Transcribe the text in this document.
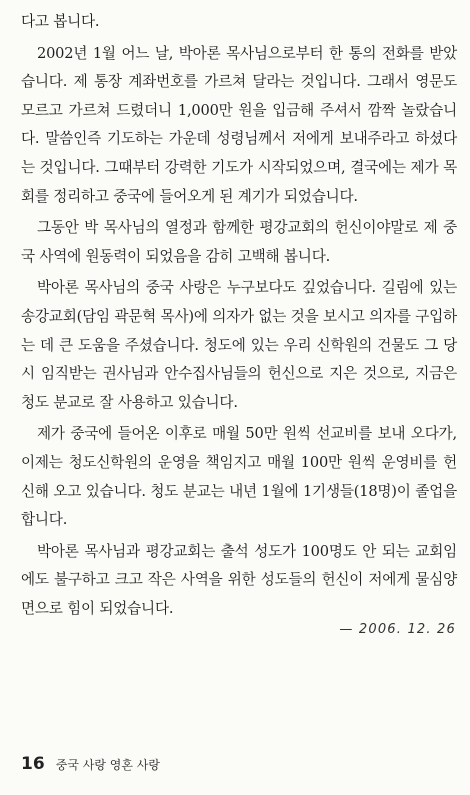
다고 봅니다.

2002년 1월 어느 날, 박아론 목사님으로부터 한 통의 전화를 받았습니다. 제 통장 계좌번호를 가르쳐 달라는 것입니다. 그래서 영문도 모르고 가르쳐 드렸더니 1,000만 원을 입금해 주셔서 깜짝 놀랐습니다. 말씀인즉 기도하는 가운데 성령님께서 저에게 보내주라고 하셨다는 것입니다. 그때부터 강력한 기도가 시작되었으며, 결국에는 제가 목회를 정리하고 중국에 들어오게 된 계기가 되었습니다.

그동안 박 목사님의 열정과 함께한 평강교회의 헌신이야말로 제 중국 사역에 원동력이 되었음을 감히 고백해 봅니다.

박아론 목사님의 중국 사랑은 누구보다도 깊었습니다. 길림에 있는 송강교회(담임 곽문혁 목사)에 의자가 없는 것을 보시고 의자를 구입하는 데 큰 도움을 주셨습니다. 청도에 있는 우리 신학원의 건물도 그 당시 임직받는 권사님과 안수집사님들의 헌신으로 지은 것으로, 지금은 청도 분교로 잘 사용하고 있습니다.

제가 중국에 들어온 이후로 매월 50만 원씩 선교비를 보내 오다가, 이제는 청도신학원의 운영을 책임지고 매월 100만 원씩 운영비를 헌신해 오고 있습니다. 청도 분교는 내년 1월에 1기생들(18명)이 졸업을 합니다.

박아론 목사님과 평강교회는 출석 성도가 100명도 안 되는 교회임에도 불구하고 크고 작은 사역을 위한 성도들의 헌신이 저에게 물심양면으로 힘이 되었습니다.

— 2006. 12. 26
16 중국 사랑 영혼 사랑
